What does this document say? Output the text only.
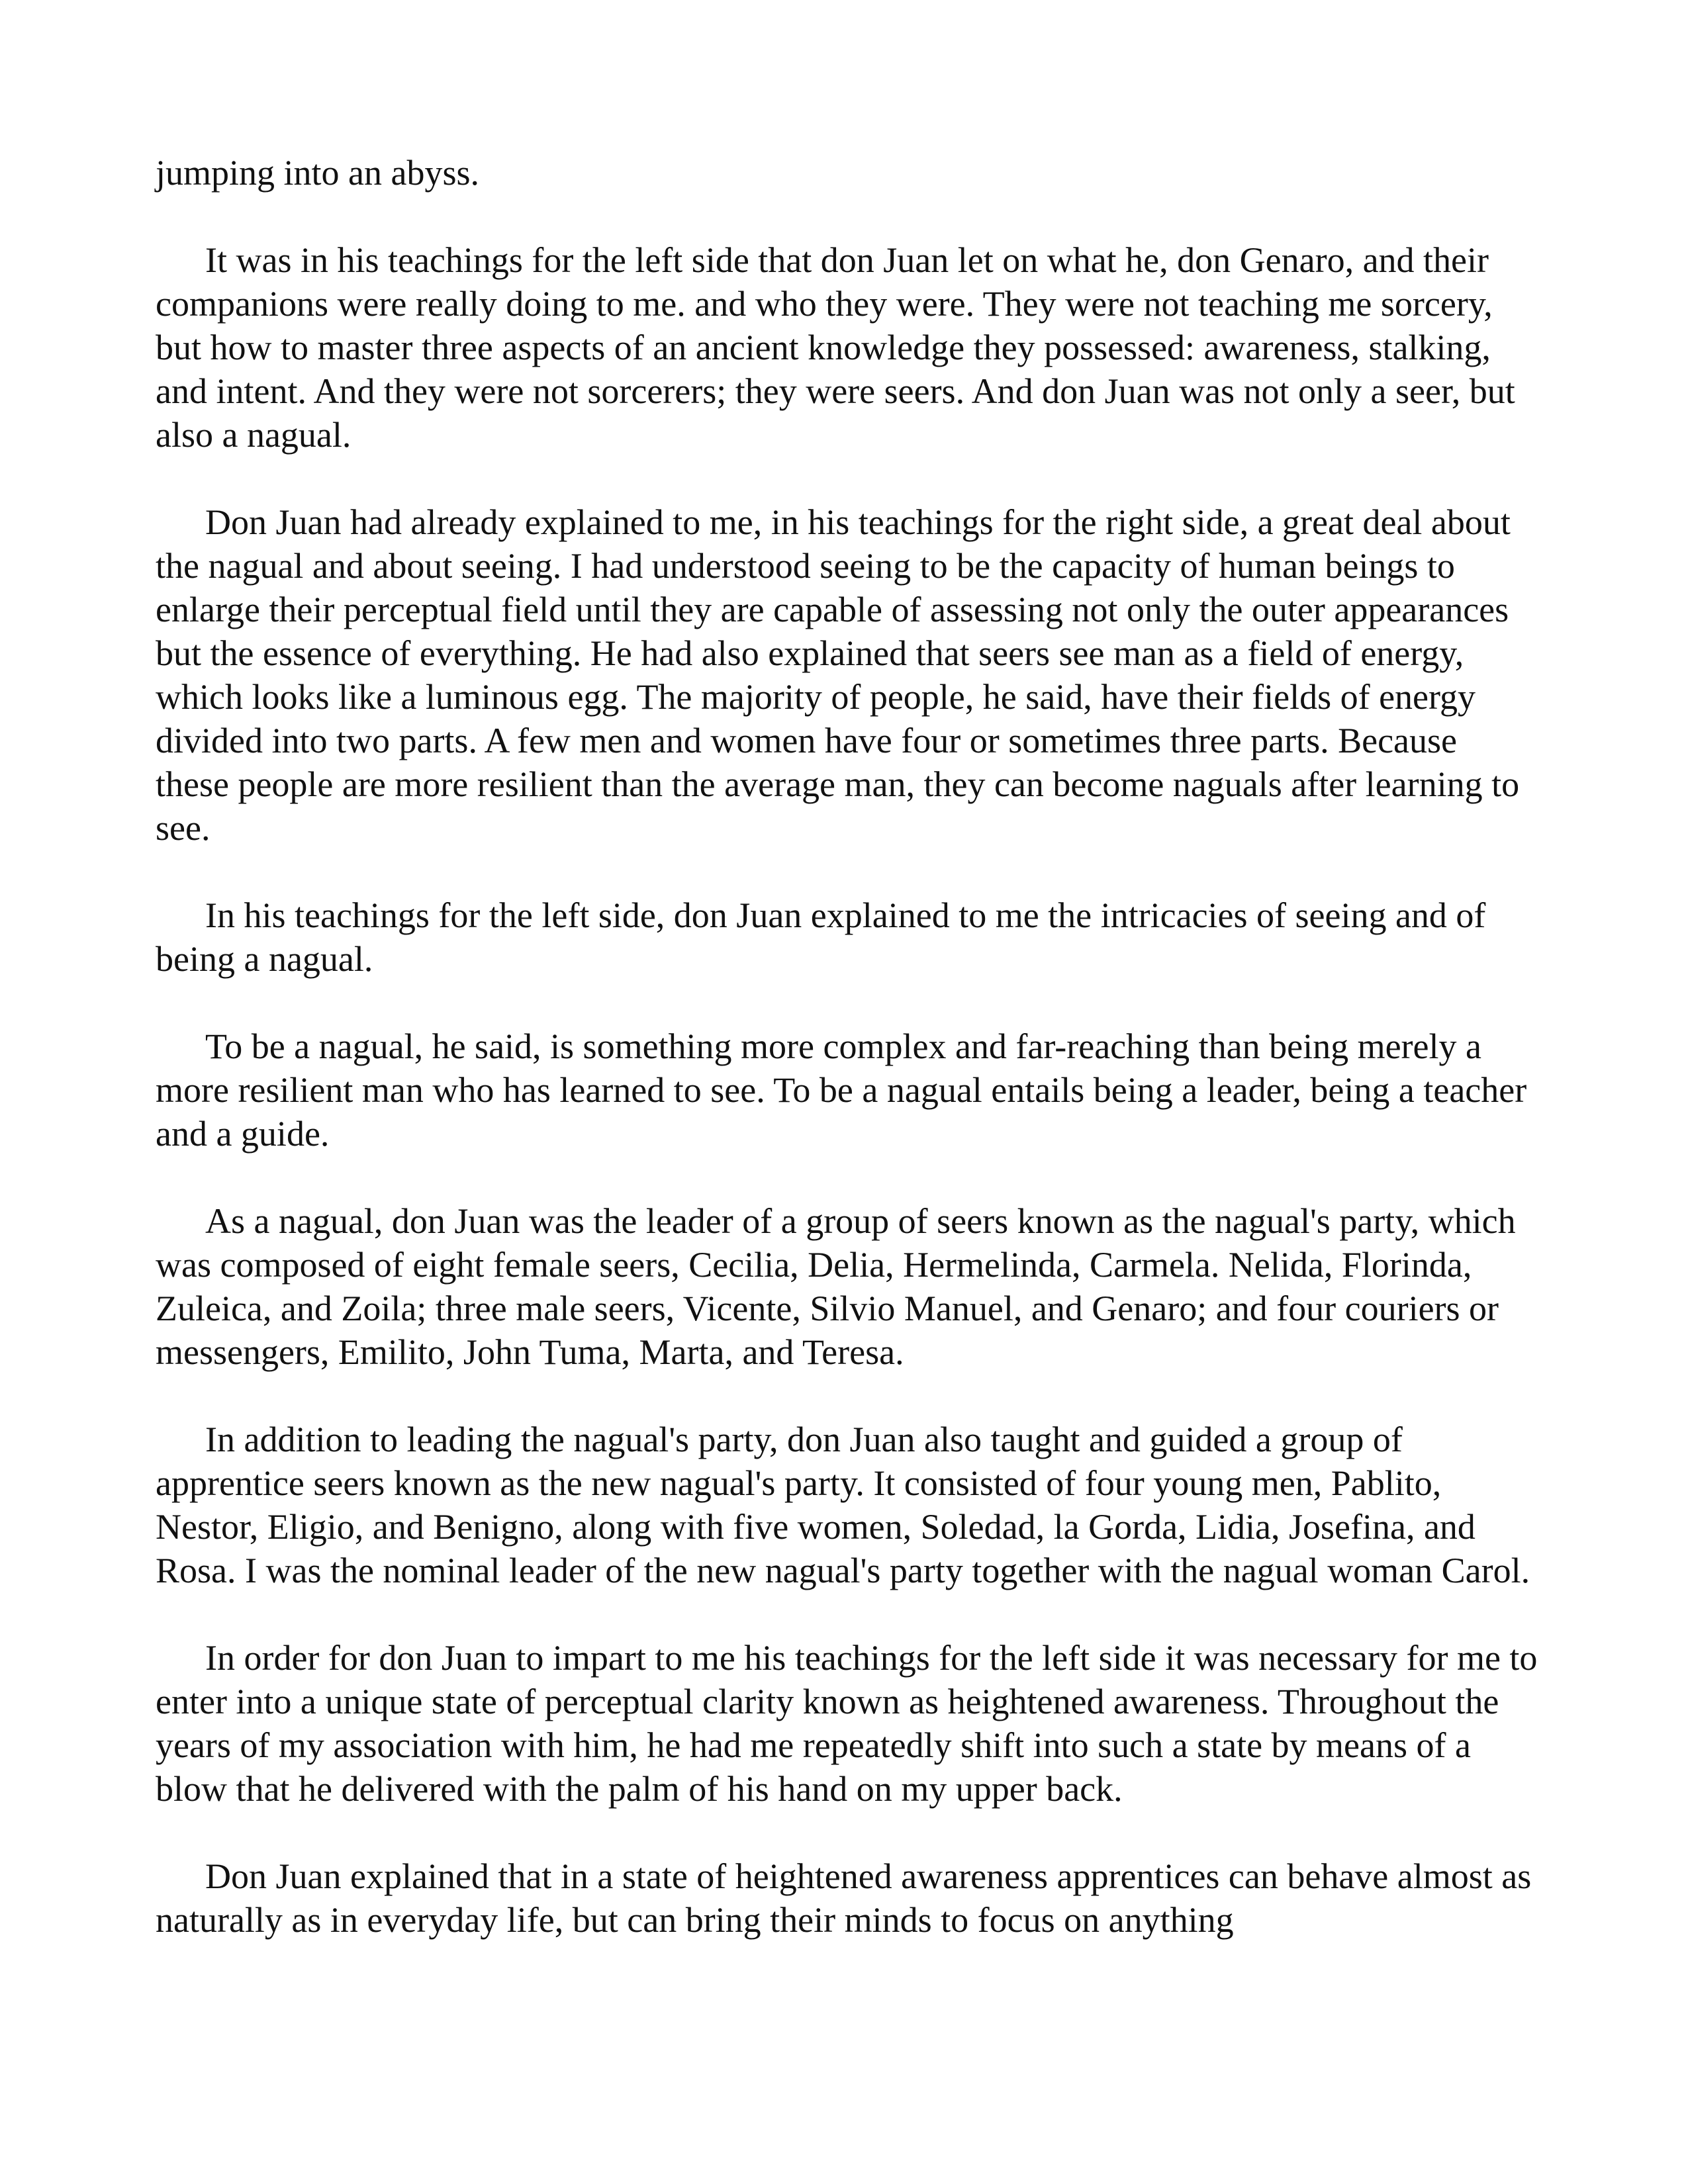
jumping into an abyss.

It was in his teachings for the left side that don Juan let on what he, don Genaro, and their companions were really doing to me. and who they were. They were not teaching me sorcery, but how to master three aspects of an ancient knowledge they possessed: awareness, stalking, and intent. And they were not sorcerers; they were seers. And don Juan was not only a seer, but also a nagual.

Don Juan had already explained to me, in his teachings for the right side, a great deal about the nagual and about seeing. I had understood seeing to be the capacity of human beings to enlarge their perceptual field until they are capable of assessing not only the outer appearances but the essence of everything. He had also explained that seers see man as a field of energy, which looks like a luminous egg. The majority of people, he said, have their fields of energy divided into two parts. A few men and women have four or sometimes three parts. Because these people are more resilient than the average man, they can become naguals after learning to see.

In his teachings for the left side, don Juan explained to me the intricacies of seeing and of being a nagual.

To be a nagual, he said, is something more complex and far-reaching than being merely a more resilient man who has learned to see. To be a nagual entails being a leader, being a teacher and a guide.

As a nagual, don Juan was the leader of a group of seers known as the nagual's party, which was composed of eight female seers, Cecilia, Delia, Hermelinda, Carmela. Nelida, Florinda, Zuleica, and Zoila; three male seers, Vicente, Silvio Manuel, and Genaro; and four couriers or messengers, Emilito, John Tuma, Marta, and Teresa.

In addition to leading the nagual's party, don Juan also taught and guided a group of apprentice seers known as the new nagual's party. It consisted of four young men, Pablito, Nestor, Eligio, and Benigno, along with five women, Soledad, la Gorda, Lidia, Josefina, and Rosa. I was the nominal leader of the new nagual's party together with the nagual woman Carol.

In order for don Juan to impart to me his teachings for the left side it was necessary for me to enter into a unique state of perceptual clarity known as heightened awareness. Throughout the years of my association with him, he had me repeatedly shift into such a state by means of a blow that he delivered with the palm of his hand on my upper back.

Don Juan explained that in a state of heightened awareness apprentices can behave almost as naturally as in everyday life, but can bring their minds to focus on anything
